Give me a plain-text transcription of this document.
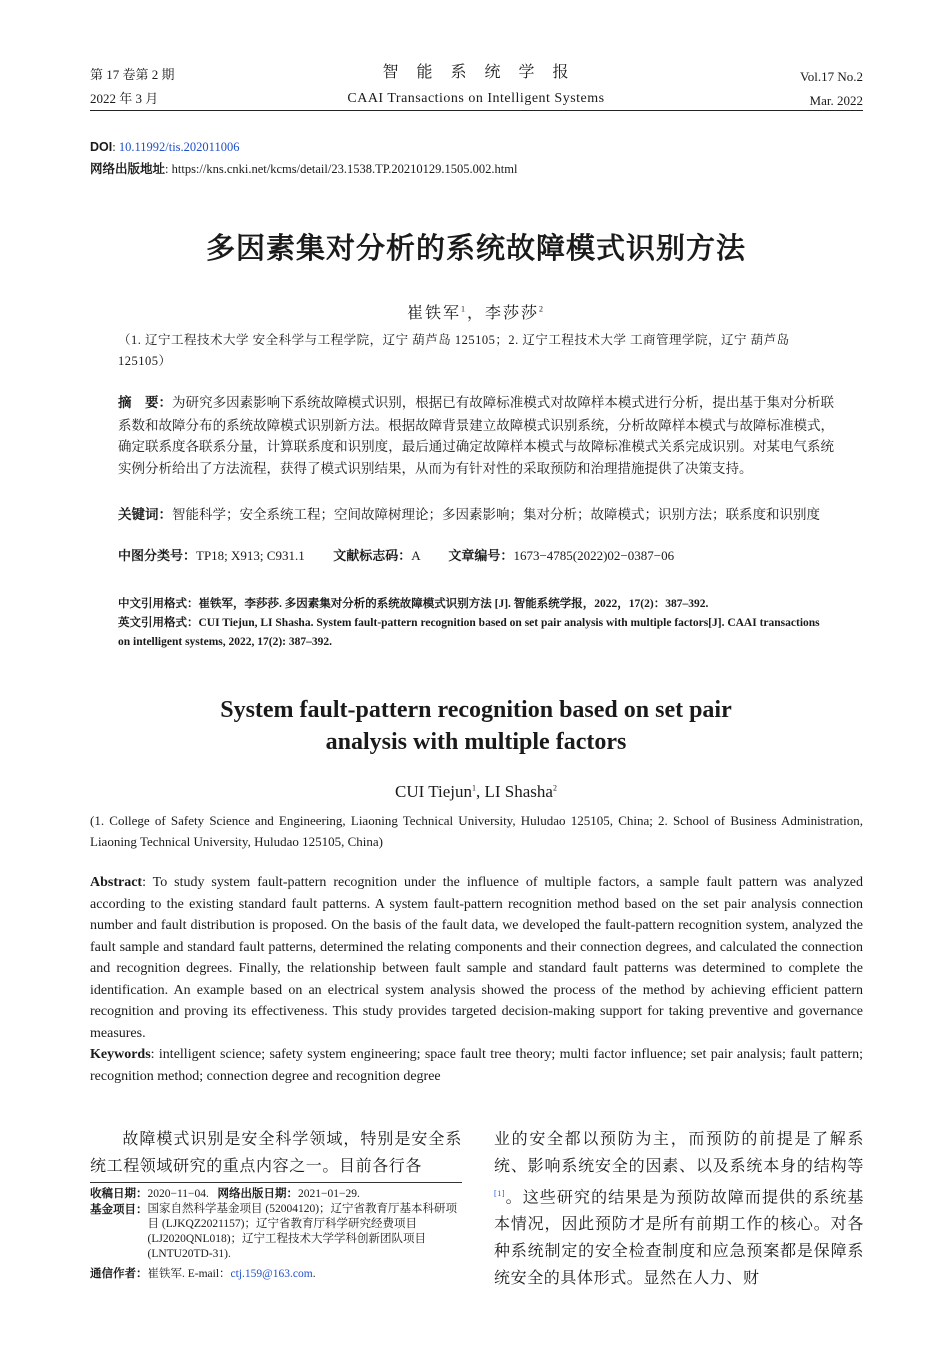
第 17 卷第 2 期
2022 年 3 月
智　能　系　统　学　报
CAAI Transactions on Intelligent Systems
Vol.17 No.2
Mar. 2022
DOI: 10.11992/tis.202011006
网络出版地址: https://kns.cnki.net/kcms/detail/23.1538.TP.20210129.1505.002.html
多因素集对分析的系统故障模式识别方法
崔铁军$^1$，李莎莎$^2$
（1. 辽宁工程技术大学 安全科学与工程学院，辽宁 葫芦岛 125105；2. 辽宁工程技术大学 工商管理学院，辽宁 葫芦岛 125105）
摘　要：为研究多因素影响下系统故障模式识别，根据已有故障标准模式对故障样本模式进行分析，提出基于集对分析联系数和故障分布的系统故障模式识别新方法。根据故障背景建立故障模式识别系统，分析故障样本模式与故障标准模式，确定联系度各联系分量，计算联系度和识别度，最后通过确定故障样本模式与故障标准模式关系完成识别。对某电气系统实例分析给出了方法流程，获得了模式识别结果，从而为有针对性的采取预防和治理措施提供了决策支持。
关键词：智能科学；安全系统工程；空间故障树理论；多因素影响；集对分析；故障模式；识别方法；联系度和识别度
中图分类号：TP18; X913; C931.1 文献标志码：A 文章编号：1673−4785(2022)02−0387−06
中文引用格式：崔铁军，李莎莎. 多因素集对分析的系统故障模式识别方法 [J]. 智能系统学报，2022，17(2)：387–392.
英文引用格式：CUI Tiejun, LI Shasha. System fault-pattern recognition based on set pair analysis with multiple factors[J]. CAAI transactions on intelligent systems, 2022, 17(2): 387–392.
System fault-pattern recognition based on set pair
analysis with multiple factors
CUI Tiejun$^1$, LI Shasha$^2$
(1. College of Safety Science and Engineering, Liaoning Technical University, Huludao 125105, China; 2. School of Business Administration, Liaoning Technical University, Huludao 125105, China)
Abstract: To study system fault-pattern recognition under the influence of multiple factors, a sample fault pattern was analyzed according to the existing standard fault patterns. A system fault-pattern recognition method based on the set pair analysis connection number and fault distribution is proposed. On the basis of the fault data, we developed the fault-pattern recognition system, analyzed the fault sample and standard fault patterns, determined the relating components and their connection degrees, and calculated the connection and recognition degrees. Finally, the relationship between fault sample and standard fault patterns was determined to complete the identification. An example based on an electrical system analysis showed the process of the method by achieving efficient pattern recognition and proving its effectiveness. This study provides targeted decision-making support for taking preventive and governance measures.
Keywords: intelligent science; safety system engineering; space fault tree theory; multi factor influence; set pair analysis; fault pattern; recognition method; connection degree and recognition degree
故障模式识别是安全科学领域，特别是安全系统工程领域研究的重点内容之一。目前各行各
收稿日期：2020−11−04. 网络出版日期：2021−01−29.
基金项目： 国家自然科学基金项目 (52004120)；辽宁省教育厅基本科研项目 (LJKQZ2021157)；辽宁省教育厅科学研究经费项目 (LJ2020QNL018)；辽宁工程技术大学学科创新团队项目 (LNTU20TD-31).
通信作者：崔铁军. E-mail：ctj.159@163.com.
业的安全都以预防为主，而预防的前提是了解系统、影响系统安全的因素、以及系统本身的结构等[1]。这些研究的结果是为预防故障而提供的系统基本情况，因此预防才是所有前期工作的核心。对各种系统制定的安全检查制度和应急预案都是保障系统安全的具体形式。显然在人力、财
